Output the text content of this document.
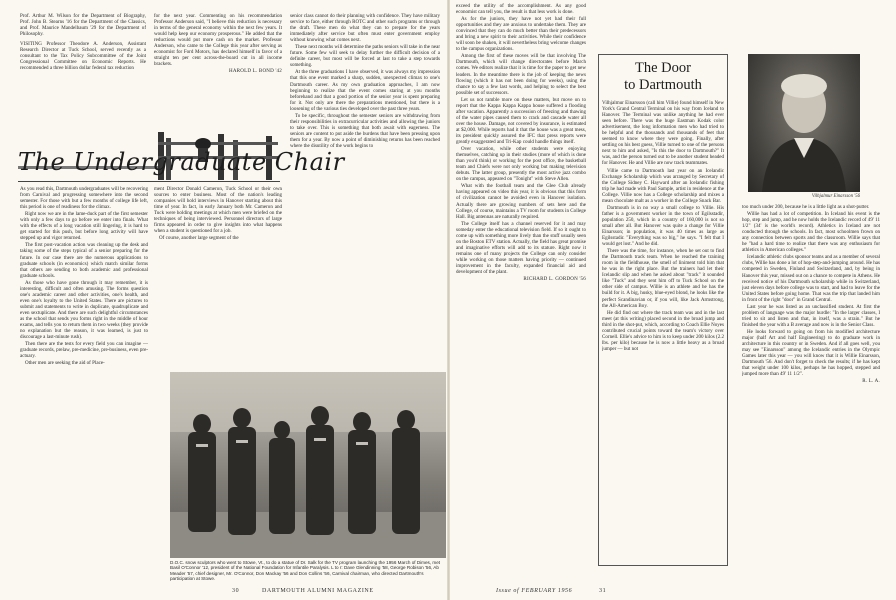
Prof. Arthur M. Wilson for the Department of Biography, Prof. John B. Stearns '16 for the Department of the Classics, and Prof. Maurice Mandelbaum '29 for the Department of Philosophy.

VISITING Professor Theodore A. Anderson, Assistant Research Director at Tuck School, served recently as a consultant to the Tax Policy Subcommittee of the Joint Congressional Committee on Economic Reports. He recommended a three billion dollar federal tax reduction

for the next year. Commenting on his recommendation Professor Anderson said, "I believe this reduction is necessary in terms of the general economy within the next few years. It would help keep our economy prosperous." He added that the reductions would put more cash on the market. Professor Anderson, who came to the College this year after serving as economist for Ford Motors, has declared himself in favor of a straight ten per cent across-the-board cut in all income brackets.

HAROLD L. BOND '42

senior class cannot do their planning with confidence. They have military service to face, either through ROTC and other such programs or through the draft. These men do what they can to prepare for the years immediately after service but often must enter government employ without knowing what comes next.

These next months will determine the paths seniors will take in the near future. Some few will seek to delay further the difficult decision of a definite career, but most will be forced at last to take a step towards something.

At the three graduations I have observed, it was always my impression that this one event marked a sharp, sudden, unexpected climax to one's Dartmouth career. As my own graduation approaches, I am now beginning to realize that the event comes staring at you months beforehand and that a good portion of the senior year is spent preparing for it. Not only are there the preparations mentioned, but there is a loosening of the various ties developed over the past three years.

To be specific, throughout the semester seniors are withdrawing from their responsibilities in extracurricular activities and allowing the juniors to take over. This is something that both await with eagerness. The seniors are content to put aside the burdens that have been pressing upon them for a year. By now a point of diminishing returns has been reached where the disutility of the work begins to

The Undergraduate Chair

As you read this, Dartmouth undergraduates will be recovering from Carnival and progressing somewhere into the second semester. For those with but a few months of college life left, this period is one of readiness for the climax.

Right now we are in the lame-duck part of the first semester with only a few days to go before we enter into finals. What with the effects of a long vacation still lingering, it is hard to get started for this push, but before long activity will have stepped up and vigor returned.

The first post-vacation action was cleaning up the desk and taking some of the steps typical of a senior preparing for the future. In our case there are the numerous applications to graduate schools (in economics) which match similar forms that others are sending to both academic and professional graduate schools.

As those who have gone through it may remember, it is interesting, difficult and often amusing. The forms question one's academic career and other activities, one's health, and even one's loyalty to the United States. There are pictures to submit and statements to write in duplicate, quadruplicate and even sextuplicate. And there are such delightful circumstances as the school that sends you forms right in the middle of hour exams, and tells you to return them in two weeks (they provide no explanation but the reason, it was learned, is just to discourage a last-minute rush).

Then there are the tests for every field you can imagine — graduate records, prelaw, pre-medicine, pre-business, even pre-actuary.

Other men are seeking the aid of Place-

ment Director Donald Cameron, Tuck School or their own sources to enter business. Most of the nation's leading companies will hold interviews in Hanover starting about this time of year. In fact, in early January both Mr. Cameron and Tuck were holding meetings at which men were briefed on the techniques of being interviewed. Personnel directors of large firms appeared in order to give insights into what happens when a student is questioned for a job.

Of course, another large segment of the

D.O.C. snow sculptors who went to Stowe, Vt., to do a statue of Dr. Salk for the TV program launching the 1956 March of Dimes, met Basil O'Connor '12, president of the National Foundation for Infantile Paralysis. L to r: Dave Glendinning '58, George Robison '56, Ab Meader '57, chief designer, Mr. O'Connor, Don Mackay '56 and Don Collins '56, Carnival chairman, who directed Dartmouth's participation at Stowe.
30	DARTMOUTH ALUMNI MAGAZINE

exceed the utility of the accomplishment. As any good economist can tell you, the result is that less work is done.

As for the juniors, they have not yet had their full opportunities and they are anxious to undertake them. They are convinced that they can do much better than their predecessors and bring a new spirit to their activities. While their confidence will soon be shaken, it will nevertheless bring welcome changes to the campus organizations.

Among the first of these moves will be that involving The Dartmouth, which will change directorates before March comes. We editors realize that it is time for the paper to get new leaders. In the meantime there is the job of keeping the news flowing (which it has not been doing for weeks), using the chance to say a few last words, and helping to select the best possible set of successors.

Let us not ramble more on these matters, but move on to report that the Kappa Kappa Kappa house suffered a flooding after vacation. Apparently a succession of freezing and thawing of the water pipes caused them to crack and cascade water all over the house. Damage, not covered by insurance, is estimated at $2,000. While reports had it that the house was a great mess, its president quickly assured the IFC that press reports were greatly exaggerated and Tri-Kap could handle things itself.

Over vacation, while other students were enjoying themselves, catching up in their studies (more of which is done than you'd think) or working for the post office, the basketball team and Chiefs were not only working but making television debuts. The latter group, presently the most active jazz combo on the campus, appeared on "Tonight" with Steve Allen.

What with the football team and the Glee Club already having appeared on video this year, it is obvious that this form of civilization cannot be avoided even in Hanover isolation. Actually there are growing numbers of sets here and the College, of course, maintains a TV room for students in College Hall. Big antennas are naturally required.

The College itself has a channel reserved for it and may someday enter the educational television field. If so it ought to come up with something more lively than the stuff usually seen on the Boston ETV station. Actually, the field has great promise and imaginative efforts will add to its stature. Right now it remains one of many projects the College can only consider while working on those matters having priority — continued improvement in the faculty, expanded financial aid and development of the plant.

RICHARD L. GORDON '56

The Door
to Dartmouth

Vilhjalmur Einarsson (call him Villie) found himself in New York's Grand Central Terminal on his way from Iceland to Hanover. The Terminal was unlike anything he had ever seen before. There was the huge Eastman Kodak color advertisement, the long information men who had tried to be helpful and the thousands and thousands of feet that seemed to know where they were going. Finally, after settling on his best guess, Villie turned to one of the persons next to him and asked, "Is this the door to Dartmouth?" It was, and the person turned out to be another student headed for Hanover. He and Villie are now track teammates.

Villie came to Dartmouth last year on an Icelandic Exchange Scholarship which was arranged by Secretary of the College Sidney C. Hayward after an Icelandic fishing trip he had made with Paul Sample, artist in residence at the College. Villie now has a College scholarship and mixes a mean chocolate malt as a worker in the College Snack Bar.

Dartmouth is in no way a small college to Villie. His father is a government worker in the town of Egilsstadir, population 250, which in a country of 160,000 is not so small after all. But Hanover was quite a change for Villie Einarsson; in population, it was 40 times as large as Egilsstadir. "Everything was so big," he says. "I felt that I would get lost." And he did.

There was the time, for instance, when he set out to find the Dartmouth track team. When he reached the training room in the fieldhouse, the smell of liniment told him that he was in the right place. But the trainers had let their Icelandic slip and when he asked about "track" it sounded like "Tuck" and they sent him off to Tuck School on the other side of campus. Willie is an athlete and he has the build for it. A big, husky, blue-eyed blond, he looks like the perfect Scandinavian or, if you will, like Jack Armstrong, the All-American Boy.

He did find out where the track team was and in the last meet (at this writing) placed second in the broad jump and third in the shot-put, which, according to Coach Ellie Noyes contributed crucial points toward the team's victory over Cornell. Ellie's advice to him is to keep under 200 kilos (2.2 lbs. per kilo) because he is now a little heavy as a broad jumper — but not

Vilhjalmur Einarsson '56

too much under 200, because he is a little light as a shot-putter.

Willie has had a lot of competition. In Iceland his event is the hop, step and jump, and he now holds the Icelandic record of 49' 11 1/2" (34' is the world's record). Athletics in Iceland are not conducted through the schools. In fact, most schoolmen frown on any connection between sports and the classroom. Willie says that he "had a hard time to realize that there was any enthusiasm for athletics in American colleges."

Icelandic athletic clubs sponsor teams and as a member of several clubs, Willie has done a lot of hop-step-and-jumping around. He has competed in Sweden, Finland and Switzerland, and, by being in Hanover this year, missed out on a chance to compete in Athens. He received notice of his Dartmouth scholarship while in Switzerland, just eleven days before college was to start, and had to leave for the United States before going home. That was the trip that landed him in front of the right "door" in Grand Central.

Last year he was listed as an unclassified student. At first the problem of language was the major hurdle: "In the larger classes, I tried to sit and listen and that, in itself, was a strain." But he finished the year with a B average and now is in the Senior Class.

He looks forward to going on from his modified architecture major (half Art and half Engineering) to do graduate work in architecture in this country or in Sweden. And if all goes well, you may see "Einarsson" among the Icelandic entries in the Olympic Games later this year — you will know that it is Willie Einarsson, Dartmouth '56. And don't forget to check the results; if he has kept that weight under 100 kilos, perhaps he has hopped, stepped and jumped more than 49' 11 1/2".

R. L. A.

Issue of FEBRUARY 1956	31
